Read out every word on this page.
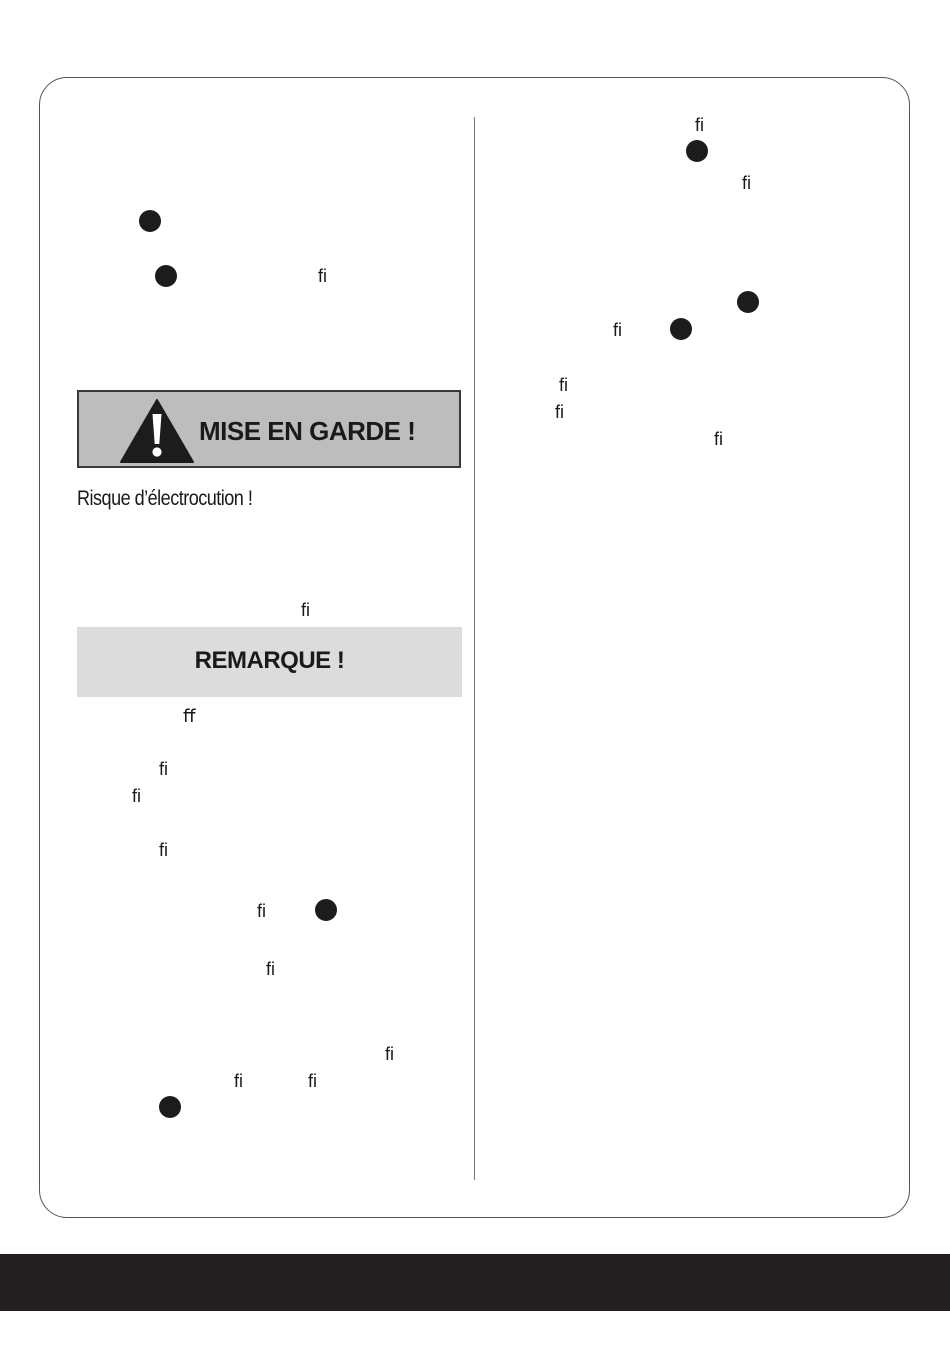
ﬁ
MISE EN GARDE !
Risque d’électrocution !
ﬁ
REMARQUE !
ﬀ
ﬁ
ﬁ
ﬁ
ﬁ
ﬁ
ﬁ
ﬁ	ﬁ
ﬁ
ﬁ
ﬁ
ﬁ
ﬁ
ﬁ
